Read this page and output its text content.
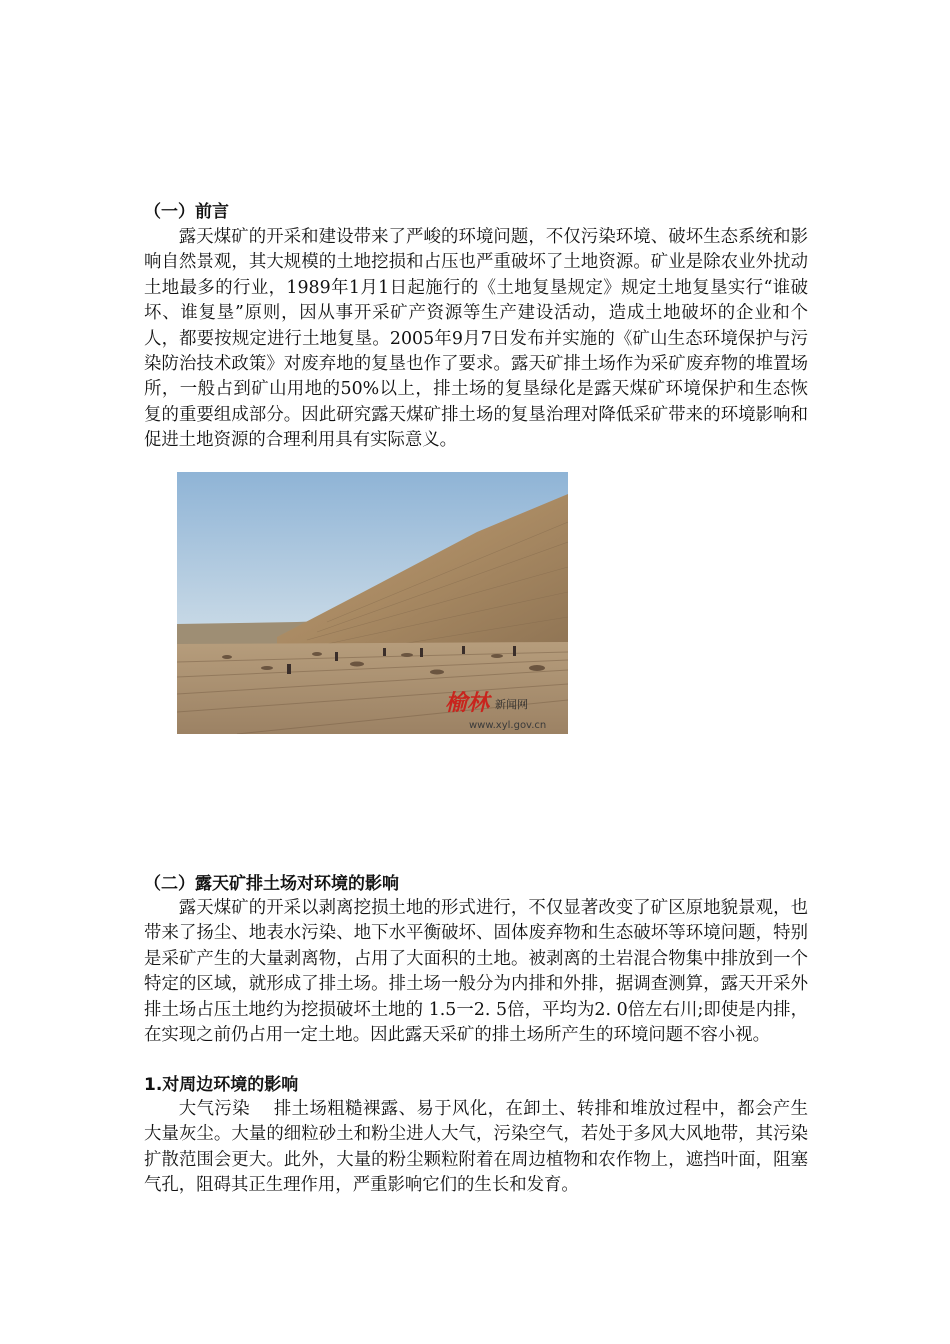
（一）前言

露天煤矿的开采和建设带来了严峻的环境问题，不仅污染环境、破坏生态系统和影响自然景观，其大规模的土地挖损和占压也严重破坏了土地资源。矿业是除农业外扰动土地最多的行业，1989年1月1日起施行的《土地复垦规定》规定土地复垦实行“谁破坏、谁复垦”原则，因从事开采矿产资源等生产建设活动，造成土地破坏的企业和个人，都要按规定进行土地复垦。2005年9月7日发布并实施的《矿山生态环境保护与污染防治技术政策》对废弃地的复垦也作了要求。露天矿排土场作为采矿废弃物的堆置场所，一般占到矿山用地的50%以上，排土场的复垦绿化是露天煤矿环境保护和生态恢复的重要组成部分。因此研究露天煤矿排土场的复垦治理对降低采矿带来的环境影响和促进土地资源的合理利用具有实际意义。

榆林 新闻网
www.xyl.gov.cn
（二）露天矿排土场对环境的影响

露天煤矿的开采以剥离挖损土地的形式进行，不仅显著改变了矿区原地貌景观，也带来了扬尘、地表水污染、地下水平衡破坏、固体废弃物和生态破坏等环境问题，特别是采矿产生的大量剥离物，占用了大面积的土地。被剥离的土岩混合物集中排放到一个特定的区域，就形成了排土场。排土场一般分为内排和外排，据调查测算，露天开采外排土场占压土地约为挖损破坏土地的 1.5一2. 5倍，平均为2. 0倍左右川;即使是内排，在实现之前仍占用一定土地。因此露天采矿的排土场所产生的环境问题不容小视。

1.对周边环境的影响

大气污染　 排土场粗糙裸露、易于风化，在卸土、转排和堆放过程中，都会产生大量灰尘。大量的细粒砂土和粉尘进人大气，污染空气，若处于多风大风地带，其污染扩散范围会更大。此外，大量的粉尘颗粒附着在周边植物和农作物上，遮挡叶面，阻塞气孔，阻碍其正生理作用，严重影响它们的生长和发育。
